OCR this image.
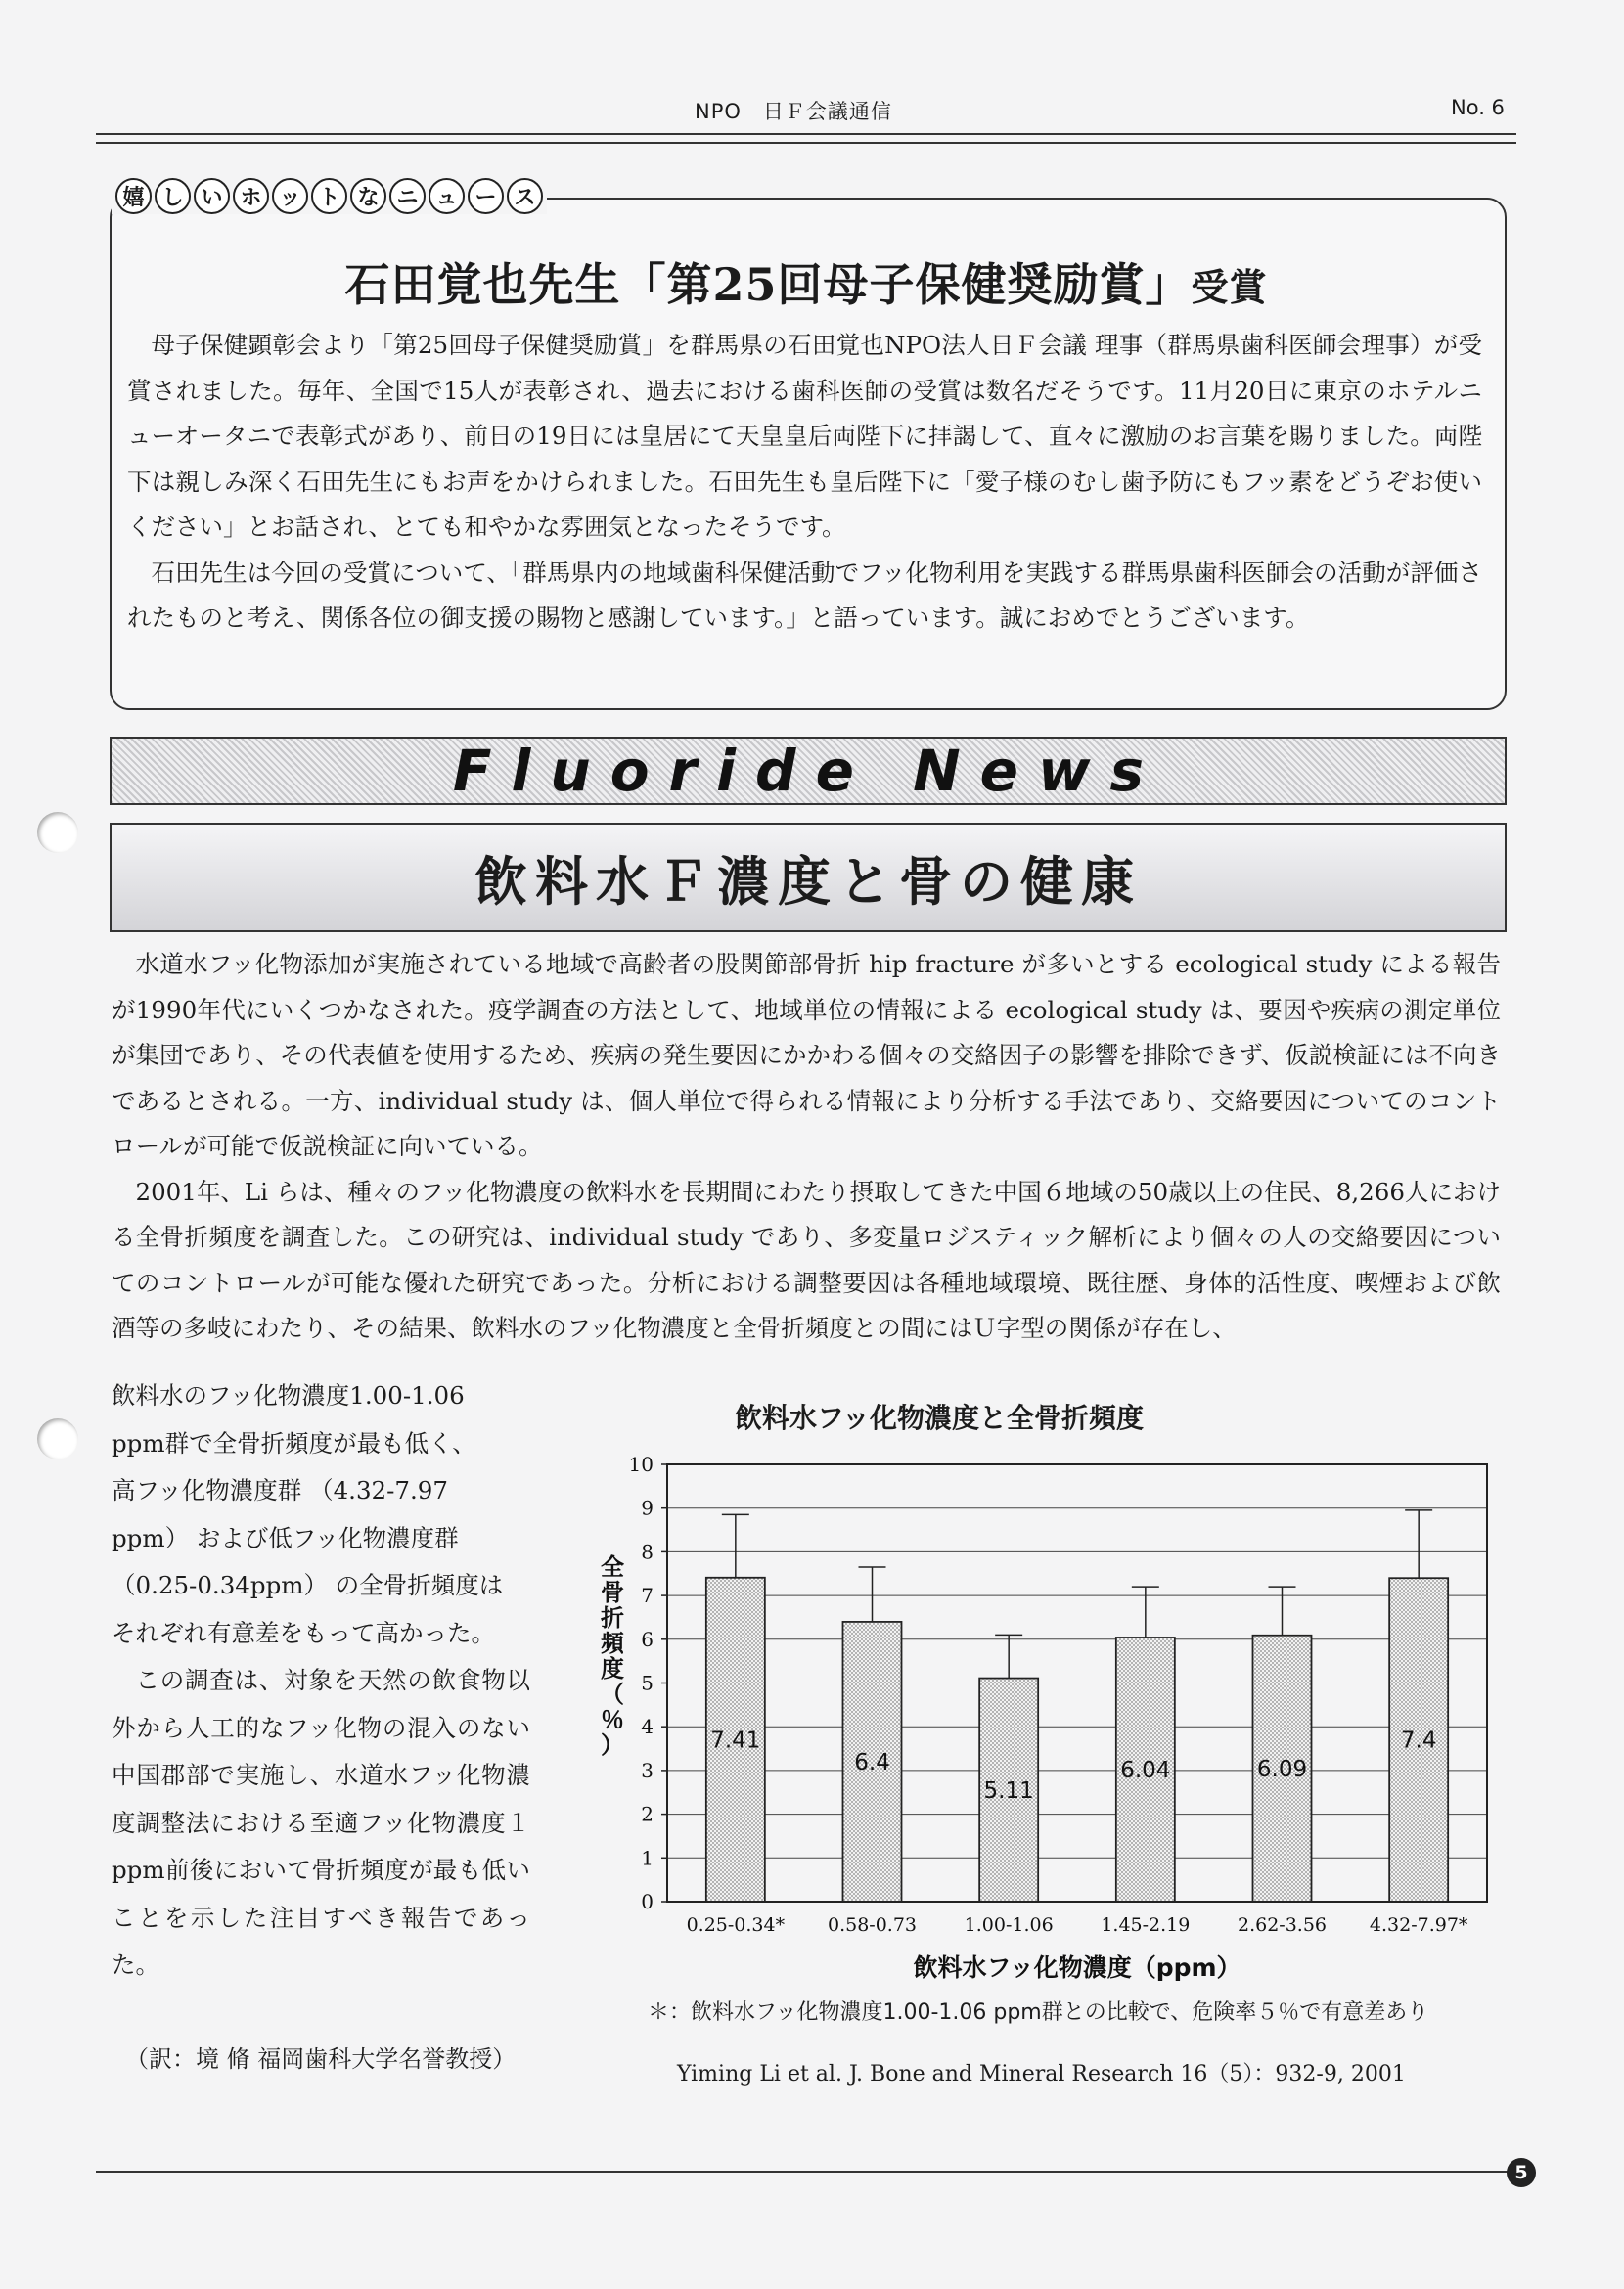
NPO　日Ｆ会議通信	No. 6
嬉 し い ホ ッ ト な ニ ュ ー ス
石田覚也先生「第25回母子保健奨励賞」受賞

母子保健顕彰会より「第25回母子保健奨励賞」を群馬県の石田覚也NPO法人日Ｆ会議 理事（群馬県歯科医師会理事）が受賞されました。毎年、全国で15人が表彰され、過去における歯科医師の受賞は数名だそうです。11月20日に東京のホテルニューオータニで表彰式があり、前日の19日には皇居にて天皇皇后両陛下に拝謁して、直々に激励のお言葉を賜りました。両陛下は親しみ深く石田先生にもお声をかけられました。石田先生も皇后陛下に「愛子様のむし歯予防にもフッ素をどうぞお使いください」とお話され、とても和やかな雰囲気となったそうです。

石田先生は今回の受賞について、「群馬県内の地域歯科保健活動でフッ化物利用を実践する群馬県歯科医師会の活動が評価されたものと考え、関係各位の御支援の賜物と感謝しています。」と語っています。誠におめでとうございます。

Fluoride News
飲料水Ｆ濃度と骨の健康

水道水フッ化物添加が実施されている地域で高齢者の股関節部骨折 hip fracture が多いとする ecological study による報告が1990年代にいくつかなされた。疫学調査の方法として、地域単位の情報による ecological study は、要因や疾病の測定単位が集団であり、その代表値を使用するため、疾病の発生要因にかかわる個々の交絡因子の影響を排除できず、仮説検証には不向きであるとされる。一方、individual study は、個人単位で得られる情報により分析する手法であり、交絡要因についてのコントロールが可能で仮説検証に向いている。

2001年、Li らは、種々のフッ化物濃度の飲料水を長期間にわたり摂取してきた中国６地域の50歳以上の住民、8,266人における全骨折頻度を調査した。この研究は、individual study であり、多変量ロジスティック解析により個々の人の交絡要因についてのコントロールが可能な優れた研究であった。分析における調整要因は各種地域環境、既往歴、身体的活性度、喫煙および飲酒等の多岐にわたり、その結果、飲料水のフッ化物濃度と全骨折頻度との間にはＵ字型の関係が存在し、

飲料水のフッ化物濃度1.00-1.06

ppm群で全骨折頻度が最も低く、

高フッ化物濃度群 （4.32-7.97

ppm） および低フッ化物濃度群

（0.25-0.34ppm） の全骨折頻度は

それぞれ有意差をもって高かった。

この調査は、対象を天然の飲食物以外から人工的なフッ化物の混入のない中国郡部で実施し、水道水フッ化物濃度調整法における至適フッ化物濃度１ppm前後において骨折頻度が最も低いことを示した注目すべき報告であった。

（訳：境 脩 福岡歯科大学名誉教授）
飲料水フッ化物濃度と全骨折頻度
0
1
2
3
4
5
6
7
8
9
10
7.41
0.25-0.34*
6.4
0.58-0.73
5.11
1.00-1.06
6.04
1.45-2.19
6.09
2.62-3.56
7.4
4.32-7.97*
全骨折頻度（％）
飲料水フッ化物濃度（ppm）
＊：飲料水フッ化物濃度1.00-1.06 ppm群との比較で、危険率５％で有意差あり
Yiming Li et al. J. Bone and Mineral Research 16（5）：932-9, 2001
5
